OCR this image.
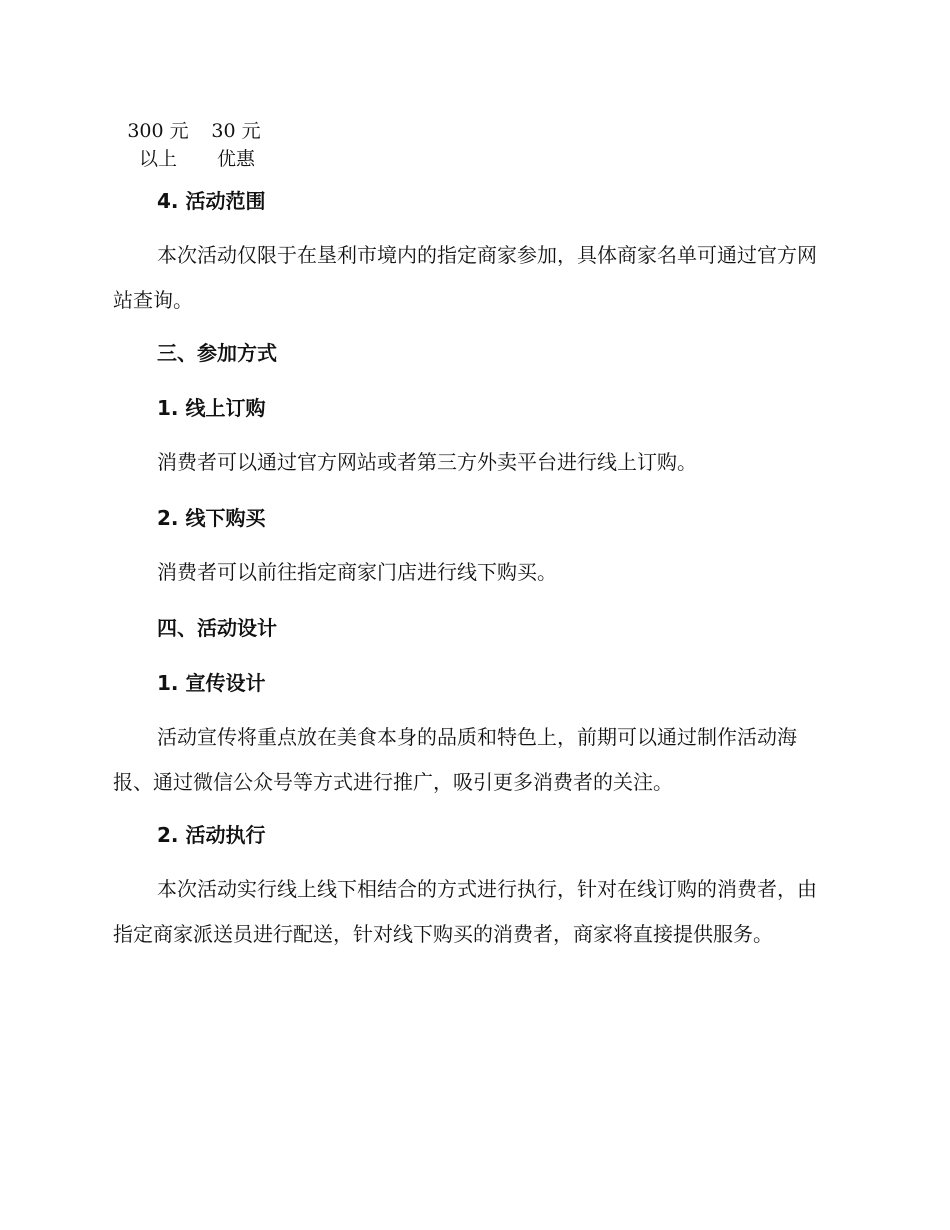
300 元
以上
30 元
优惠
4. 活动范围
本次活动仅限于在垦利市境内的指定商家参加，具体商家名单可通过官方网站查询。
三、参加方式
1. 线上订购
消费者可以通过官方网站或者第三方外卖平台进行线上订购。
2. 线下购买
消费者可以前往指定商家门店进行线下购买。
四、活动设计
1. 宣传设计
活动宣传将重点放在美食本身的品质和特色上，前期可以通过制作活动海报、通过微信公众号等方式进行推广，吸引更多消费者的关注。
2. 活动执行
本次活动实行线上线下相结合的方式进行执行，针对在线订购的消费者，由指定商家派送员进行配送，针对线下购买的消费者，商家将直接提供服务。
